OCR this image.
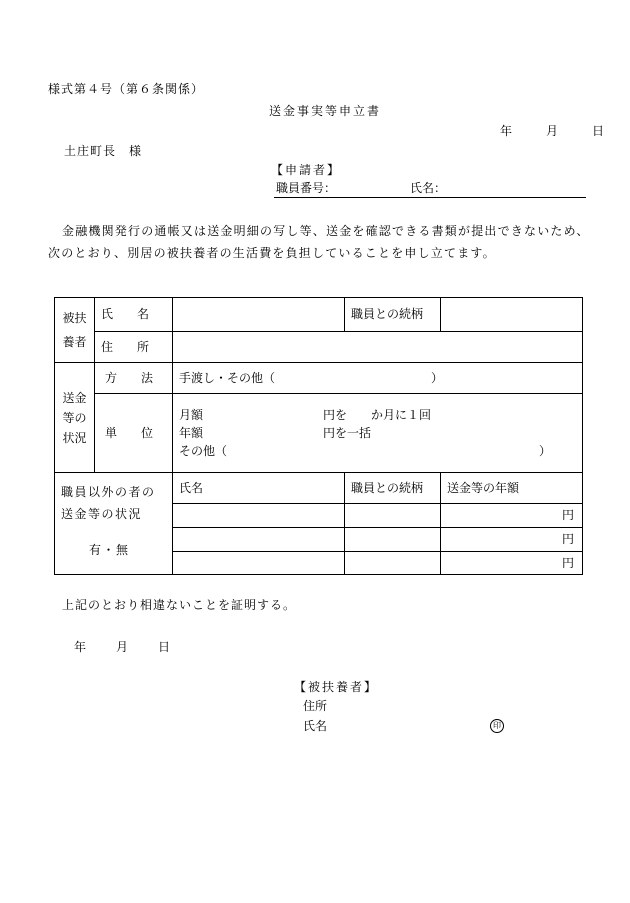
様式第４号（第６条関係）
送金事実等申立書
年	月	日
土庄町長　様
【申請者】
職員番号：	氏名：
金融機関発行の通帳又は送金明細の写し等、送金を確認できる書類が提出できないため、次のとおり、別居の被扶養者の生活費を負担していることを申し立てます。
被扶
養者	氏　　名		職員との続柄	
	住　　所			
送金
等の
状況	方　　法	手渡し・その他（　　　　　　　　　　　　　）		
	単　　位	月額　　　　　　　　　　円を　　か月に１回
年額　　　　　　　　　　円を一括
その他（　　　　　　　　　　　　　　　　　　　　　　　　　　）		

職員以外の者の
送金等の状況
有・無		氏名	職員との続柄	送金等の年額
				円
				円
				円
上記のとおり相違ないことを証明する。
年	月	日
【被扶養者】
住所
氏名	印
